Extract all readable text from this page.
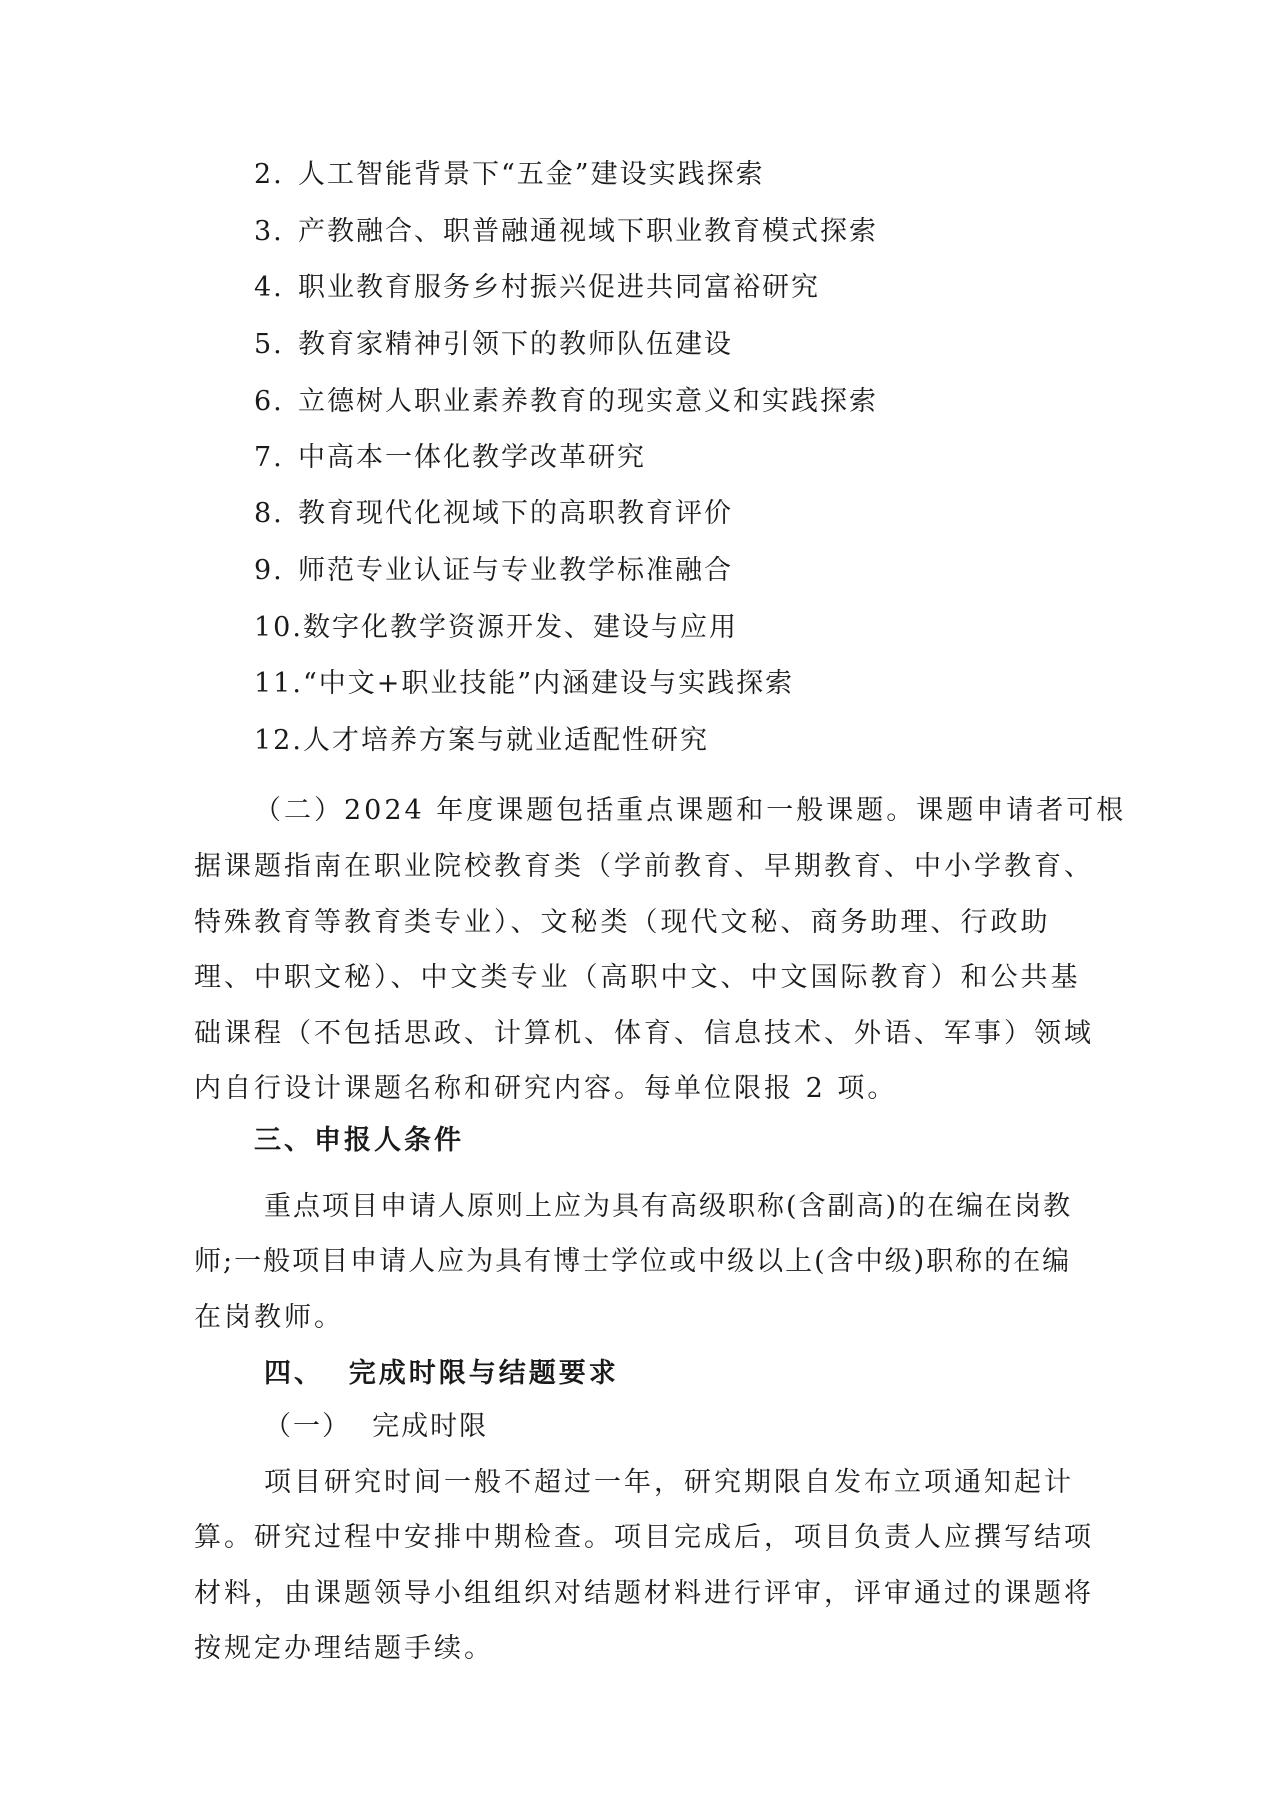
2. 人工智能背景下“五金”建设实践探索
3. 产教融合、职普融通视域下职业教育模式探索
4. 职业教育服务乡村振兴促进共同富裕研究
5. 教育家精神引领下的教师队伍建设
6. 立德树人职业素养教育的现实意义和实践探索
7. 中高本一体化教学改革研究
8. 教育现代化视域下的高职教育评价
9. 师范专业认证与专业教学标准融合
10.数字化教学资源开发、建设与应用
11.“中文+职业技能”内涵建设与实践探索
12.人才培养方案与就业适配性研究
（二）2024 年度课题包括重点课题和一般课题。课题申请者可根
据课题指南在职业院校教育类（学前教育、早期教育、中小学教育、
特殊教育等教育类专业）、文秘类（现代文秘、商务助理、行政助
理、中职文秘）、中文类专业（高职中文、中文国际教育）和公共基
础课程（不包括思政、计算机、体育、信息技术、外语、军事）领域
内自行设计课题名称和研究内容。每单位限报 2 项。
三、申报人条件
重点项目申请人原则上应为具有高级职称(含副高)的在编在岗教
师;一般项目申请人应为具有博士学位或中级以上(含中级)职称的在编
在岗教师。
四、  完成时限与结题要求
（一）  完成时限
项目研究时间一般不超过一年，研究期限自发布立项通知起计
算。研究过程中安排中期检查。项目完成后，项目负责人应撰写结项
材料，由课题领导小组组织对结题材料进行评审，评审通过的课题将
按规定办理结题手续。
